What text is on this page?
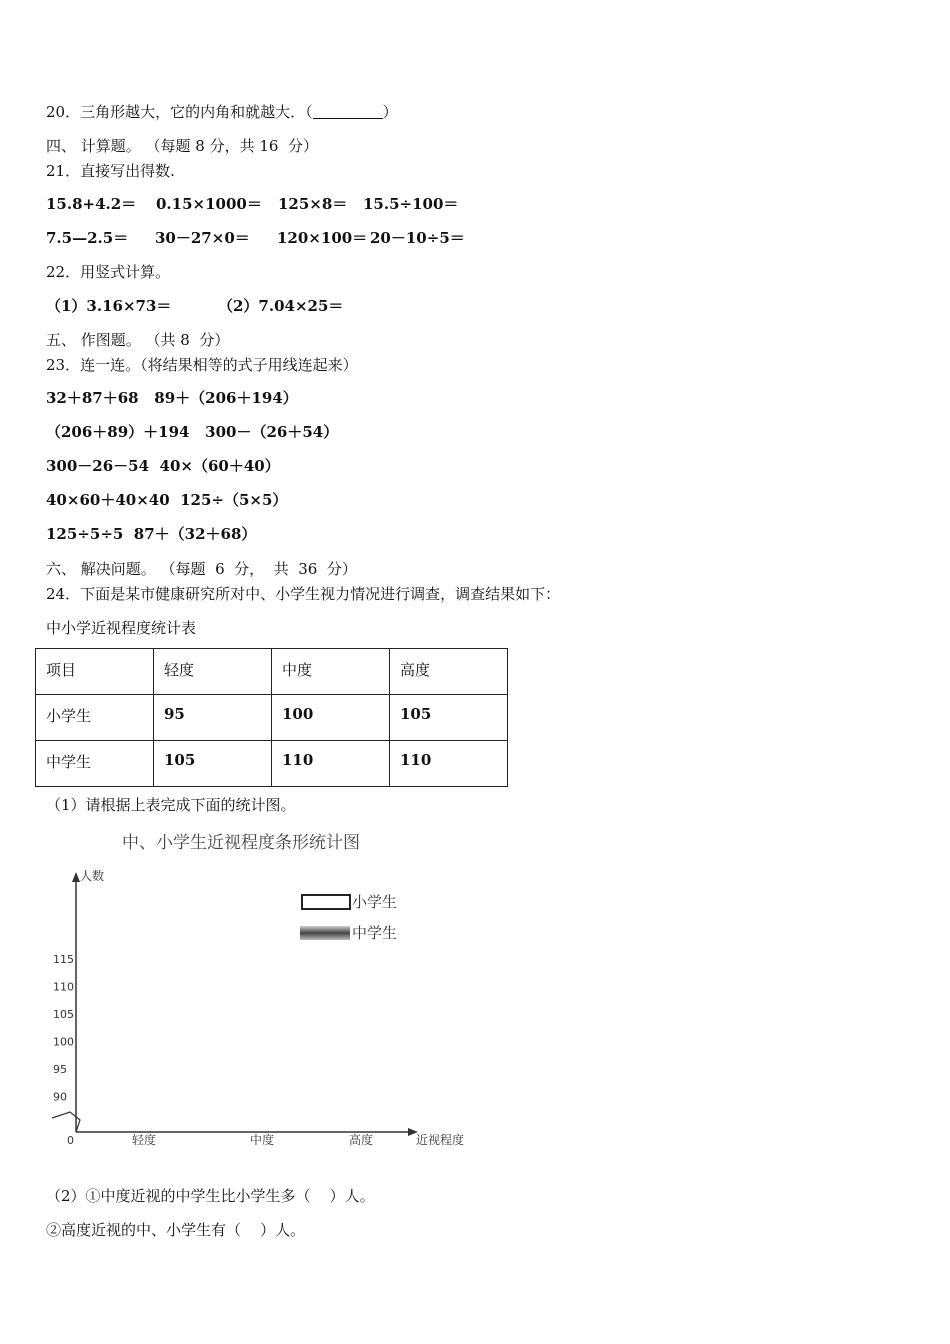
20．三角形越大，它的内角和就越大．（	）
四、 计算题。 （每题 8 分，共 16  分）
21．直接写出得数.
15.8+4.2＝ 0.15×1000＝ 125×8＝ 15.5÷100＝
7.5—2.5＝ 30－27×0＝ 120×100＝ 20－10÷5＝
22．用竖式计算。
（1）3.16×73＝	（2）7.04×25＝
五、 作图题。 （共 8  分）
23．连一连。（将结果相等的式子用线连起来）
32＋87＋68   89＋（206＋194）
（206＋89）＋194   300－（26＋54）
300－26－54  40×（60＋40）
40×60＋40×40  125÷（5×5）
125÷5÷5  87＋（32＋68）
六、 解决问题。 （每题  6  分，  共  36  分）
24．下面是某市健康研究所对中、小学生视力情况进行调查，调查结果如下：
中小学近视程度统计表
项目	轻度	中度	高度
小学生	95	100	105
中学生	105	110	110
（1）请根据上表完成下面的统计图。
中、小学生近视程度条形统计图
人数
近视程度
0
115
110
105
100
95
90
轻度	中度	高度
小学生
中学生
（2）①中度近视的中学生比小学生多（    ）人。
②高度近视的中、小学生有（    ）人。
